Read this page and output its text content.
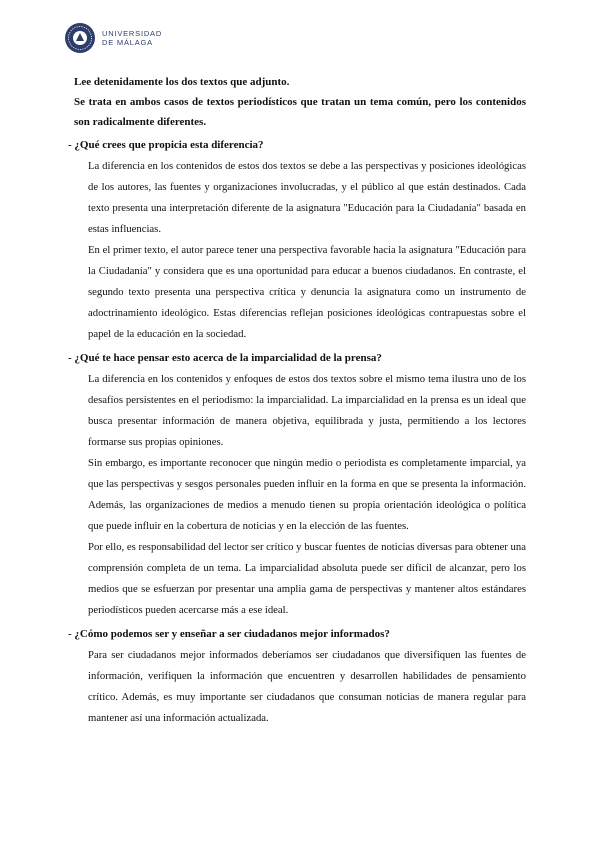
UNIVERSIDAD
DE MÁLAGA

Lee detenidamente los dos textos que adjunto.

Se trata en ambos casos de textos periodísticos que tratan un tema común, pero los contenidos son radicalmente diferentes.

- ¿Qué crees que propicia esta diferencia?

La diferencia en los contenidos de estos dos textos se debe a las perspectivas y posiciones ideológicas de los autores, las fuentes y organizaciones involucradas, y el público al que están destinados. Cada texto presenta una interpretación diferente de la asignatura "Educación para la Ciudadanía" basada en estas influencias.

En el primer texto, el autor parece tener una perspectiva favorable hacia la asignatura "Educación para la Ciudadanía" y considera que es una oportunidad para educar a buenos ciudadanos. En contraste, el segundo texto presenta una perspectiva crítica y denuncia la asignatura como un instrumento de adoctrinamiento ideológico. Estas diferencias reflejan posiciones ideológicas contrapuestas sobre el papel de la educación en la sociedad.

- ¿Qué te hace pensar esto acerca de la imparcialidad de la prensa?

La diferencia en los contenidos y enfoques de estos dos textos sobre el mismo tema ilustra uno de los desafíos persistentes en el periodismo: la imparcialidad. La imparcialidad en la prensa es un ideal que busca presentar información de manera objetiva, equilibrada y justa, permitiendo a los lectores formarse sus propias opiniones.

Sin embargo, es importante reconocer que ningún medio o periodista es completamente imparcial, ya que las perspectivas y sesgos personales pueden influir en la forma en que se presenta la información. Además, las organizaciones de medios a menudo tienen su propia orientación ideológica o política que puede influir en la cobertura de noticias y en la elección de las fuentes.

Por ello, es responsabilidad del lector ser crítico y buscar fuentes de noticias diversas para obtener una comprensión completa de un tema. La imparcialidad absoluta puede ser difícil de alcanzar, pero los medios que se esfuerzan por presentar una amplia gama de perspectivas y mantener altos estándares periodísticos pueden acercarse más a ese ideal.

- ¿Cómo podemos ser y enseñar a ser ciudadanos mejor informados?

Para ser ciudadanos mejor informados deberíamos ser ciudadanos que diversifiquen las fuentes de información, verifiquen la información que encuentren y desarrollen habilidades de pensamiento crítico. Además, es muy importante ser ciudadanos que consuman noticias de manera regular para mantener así una información actualizada.
